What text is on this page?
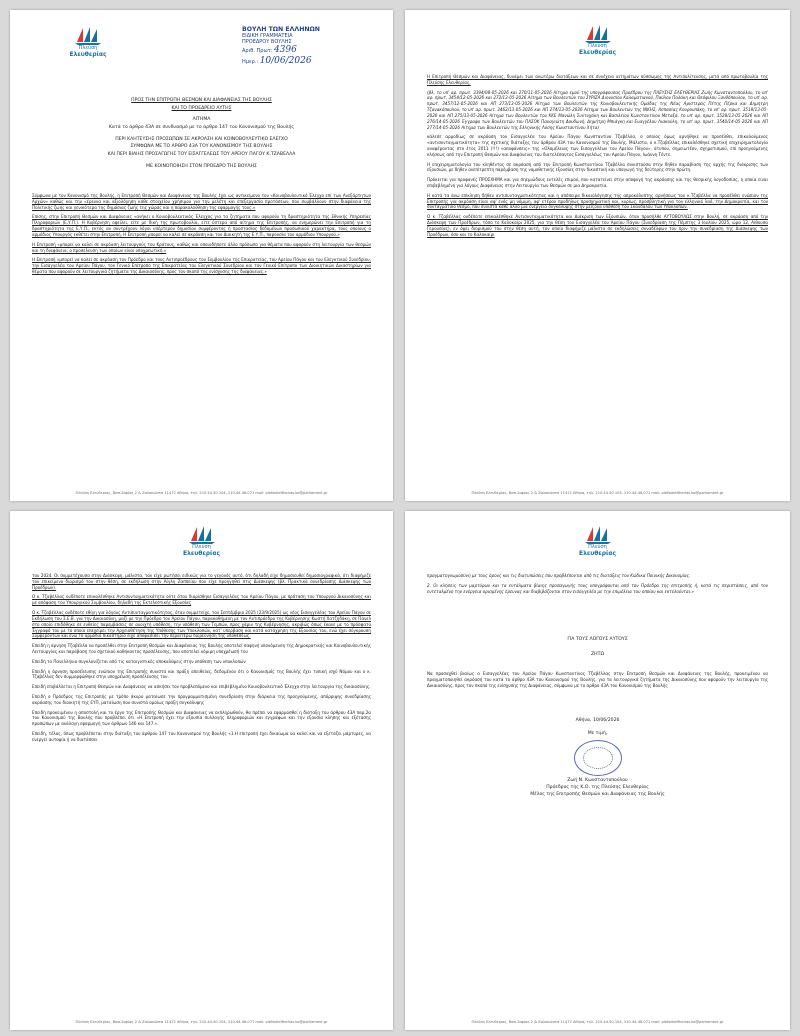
Πλεύση
Ελευθερίας
ΒΟΥΛΗ ΤΩΝ ΕΛΛΗΝΩΝ
ΕΙΔΙΚΗ ΓΡΑΜΜΑΤΕΙΑ
ΠΡΟΕΔΡΟΥ ΒΟΥΛΗΣ
Αριθ. Πρωτ: 4396
Ημερ.: 10/06/2026
ΠΡΟΣ ΤΗΝ ΕΠΙΤΡΟΠΗ ΘΕΣΜΩΝ ΚΑΙ ΔΙΑΦΑΝΕΙΑΣ ΤΗΣ ΒΟΥΛΗΣ
ΚΑΙ ΤΟ ΠΡΟΕΔΡΕΙΟ ΑΥΤΗΣ
ΑΙΤΗΜΑ
Κατά το άρθρο 43Α σε συνδυασμό με το άρθρο 147 του Κανονισμού της Βουλής
ΠΕΡΙ ΚΛΗΤΕΥΣΗΣ ΠΡΟΣΩΠΩΝ ΣΕ ΑΚΡΟΑΣΗ ΚΑΙ ΚΟΙΝΟΒΟΥΛΕΥΤΙΚΟ ΕΛΕΓΧΟ
ΣΥΜΦΩΝΑ ΜΕ ΤΟ ΑΡΘΡΟ 43Α ΤΟΥ ΚΑΝΟΝΙΣΜΟΥ ΤΗΣ ΒΟΥΛΗΣ
ΚΑΙ ΠΕΡΙ ΒΙΑΙΗΣ ΠΡΟΣΑΓΩΓΗΣ ΤΟΥ ΕΙΣΑΓΓΕΛΕΩΣ ΤΟΥ ΑΡΕΙΟΥ ΠΑΓΟΥ Κ.ΤΖΑΒΕΛΛΑ
ΜΕ ΚΟΙΝΟΠΟΙΗΣΗ ΣΤΟΝ ΠΡΟΕΔΡΟ ΤΗΣ ΒΟΥΛΗΣ

Σύμφωνα με τον Κανονισμό της Βουλής, η Επιτροπή Θεσμών και Διαφάνειας της Βουλής έχει ως αντικείμενο τον «Κοινοβουλευτικό Έλεγχο επί των Ανεξάρτητων Αρχών» καθώς και την «έρευνα και αξιολόγηση κάθε στοιχείου χρήσιμου για την μελέτη και επεξεργασία προτάσεων, που συμβάλλουν στην διαφάνεια της Πολιτικής ζωής και γενικότερα της δημόσιας ζωής της χώρας και η παρακολούθηση της εφαρμογής τους.»

Επίσης, στην Επιτροπή Θεσμών και Διαφάνειας «ανήκει ο Κοινοβουλευτικός Έλεγχος για τα ζητήματα που αφορούν τη δραστηριότητα της Εθνικής Υπηρεσίας Πληροφοριών (Ε.Υ.Π.). Η Κυβέρνηση οφείλει, είτε με δική της πρωτοβουλία, είτε ύστερα από αίτημα της Επιτροπής, να ενημερώνει την Επιτροπή για τη δραστηριότητα της Ε.Υ.Π., εκτός αν συντρέχουν λόγοι υπέρτερου δημοσίου συμφέροντος ή προστασίας δεδομένων προσωπικού χαρακτήρα, τους οποίους ο αρμόδιος Υπουργός εκθέτει στην Επιτροπή. Η Επιτροπή μπορεί να καλεί σε ακρόαση και τον Διοικητή της Ε.Υ.Π., παρουσία του αρμόδιου Υπουργού.»

Η Επιτροπή «μπορεί να καλεί σε ακρόαση λειτουργούς του Κράτους, καθώς και οποιοδήποτε άλλο πρόσωπο για θέματα που αφορούν στη λειτουργία των θεσμών και τη διαφάνεια, ο προσελευση των οποίων είναι υποχρεωτική.»

Η Επιτροπή «μπορεί να καλεί σε ακρόαση τον Πρόεδρο και τους Αντιπροέδρους του Συμβουλίου της Επικρατείας, του Αρείου Πάγου και του Ελεγκτικού Συνεδρίου, την Εισαγγελέα του Αρείου Πάγου, τον Γενικό Επίτροπο της Επικρατείας του Ελεγκτικού Συνεδρίου και τον Γενικό Επίτροπο των Διοικητικών Δικαστηρίων για θέματα που αφορούν σε λειτουργικά ζητήματα της Δικαιοσύνης, προς τον σκοπό της ενίσχυσης της διαφάνειας.»

Πλεύση Ελευθερίας, Βασ.Σοφίας 2 & Ζαλοκώστα 11472 Αθήνα, τηλ. 210.44.50.104, 210.44.46.071 mail: plefsieleftherias.ko@parliament.gr
Πλεύση
Ελευθερίας

Η Επιτροπή Θεσμών και Διαφάνειας, δυνάμει των ανωτέρω διατάξεων και σε συνέχεια αιτημάτων σύσσωμης της Αντιπολίτευσης, μετά από πρωτοβουλία της Πλεύσης Ελευθερίας,

(βλ. το υπ' αρ. πρωτ. 3394/08-05-2026 και 270/11-05-2026 Αίτημα εμού της υπογράφουσας Προέδρου της ΠΛΕΥΣΗΣ ΕΛΕΥΘΕΡΙΑΣ Ζωής Κωνσταντοπούλου, το υπ' αρ. πρωτ. 3454/12-05-2026 και 272/13-05-2026 Αίτημα των Βουλευτών του ΣΥΡΙΖΑ Διονυσίου Καλαματιανού, Παύλου Πολάκη και Θεόφιλου Ξανθόπουλου, το υπ' αρ. πρωτ. 3457/12-05-2026 και ΑΠ 273/13-05-2026 Αίτημα των Βουλευτών της Κοινοβουλευτικής Ομάδας της Νέας Αριστεράς Πέτης Πέρκα και Δημήτρη Τζανακόπουλου, το υπ' αρ. πρωτ. 3462/13-05-2026 και ΑΠ 274/13-05-2026 Αίτημα των Βουλευτών της ΝΙΚΗΣ, Ασπασίας Κουρουπάκη, το υπ' αρ. πρωτ. 3518/13-05-2026 και ΑΠ 275/13-05-2026 Αίτημα των Βουλευτών του ΚΚΕ Μανώλη Συντυχάκη και Βασιλείου Κωνσταντίνου Μεταξά, το υπ' αρ. πρωτ. 3528/13-05-2026 και ΑΠ 276/14-05-2026 Έγγραφο των Βουλευτών του ΠΑΣΟΚ Παναγιώτη Δουδωνή, Δημήτρη Μπιάγκη και Ευαγγέλου Λιακούλη, το υπ' αρ. πρωτ. 3540/14-05-2026 και ΑΠ 277/14-05-2026 Αίτημα των Βουλευτών της Ελληνικής Λύσης Κωνσταντίνου Χήτα)

κάλεσε αρμοδίως σε ακρόαση τον Εισαγγελέα του Αρείου Πάγου Κωνσταντίνο Τζαβέλλα, ο οποίος όμως αρνήθηκε να προσέλθει, επικαλούμενος «αντισυνταγματικότητα» της σχετικής διάταξης του άρθρου 43Α του Κανονισμού της Βουλής. Μάλιστα, ο κ.Τζαβέλλας επικαλέσθηκε σχετική επιχειρηματολογία αναφέροντας στο έτος 2011 (!!!) «αποφάνσεις» της «Ολομέλειας των Εισαγγελέων του Αρείου Πάγου», άτυπου, σημειωτέον, σχηματισμού, επί προηγούμενης κλήσεως από την Επιτροπή Θεσμών και Διαφάνειας του διατελέσαντος Εισαγγελέως του Αρείου Πάγου, Ιωάννη Τέντε.

Η επιχειρηματολογία του κληθέντος σε ακρόαση από την Επιτροπή Κωνσταντίνου Τζαβέλλα συνιστούσα στην δήθεν παραβίαση της αρχής της διάκρισης των εξουσιών, με δήθεν ανεπίτρεπτη παρέμβαση της νομοθετικής εξουσίας στην δικαστική και υπαγωγή της δεύτερης στην πρώτη.

Πρόκειται για προφανές ΠΡΟΣΧΗΜΑ και για σηεμιώδους ευτελές επιμού, που κατατείνει στην αποφυγή της ακρόασης και της θεσμικής λογοδοσίας, η οποία είναι επιβεβλημένη για λόγους Διαφάνειας στην Λειτουργία των Θεσμών σε μια Δημοκρατία.

Η κατά τα άνω επίκληση δήθεν αντισυνταγματικότητας και η απόπειρα δικαιολόγησης της απροκάλυπτης αρνήσεως του κ.Τζαβέλλα να προσέλθει ενώπιον της Επιτροπής για ακρόαση είναι αφ' ενός μη νόμιμη, αφ' ετέρου προδήλως προσχηματική και, κυρίως, προσβλητική για τον ελληνικό λαό, την Δημοκρατία, και τον συνταγματικό θεσμό, που συνιστά κάθε άλλο μια ενέργεια συγκάλυψης στην μείζονα υπόθεση του Σκανδάλου των Υποκλοπών.

Ο κ. Τζαβέλλας ουδέποτε επικαλέσθηκε Αντισυνταγματικότητα και Διάκριση των Εξουσιών, όταν προσήλθε ΑΥΤΟΒΟΥΛΩΣ στην Βουλή, σε ακρόαση από την Διάσκεψη των Προέδρων, τόσο το Καλοκαίρι 2025, για την θέση του Εισαγγελέα του Αρείου Πάγου (Συνεδρίαση της Πέμπτης 3 Ιουλίου 2025, ώρα 12, Αίθουσα Γερουσίας), εν όψει διορισμού του στην θέση αυτή, τον οποίο διαφήμιζε μάλιστα σε εκδηλώσεις συναδέλφων του πριν την συνεδρίαση της Διάσκεψης των Προέδρων, όσο και το Καλοκαίρι

Πλεύση Ελευθερίας, Βασ.Σοφίας 2 & Ζαλοκώστα 11472 Αθήνα, τηλ. 210.44.50.104, 210.44.46.071 mail: plefsieleftherias.ko@parliament.gr
Πλεύση
Ελευθερίας

του 2024. Οι συμμετέχουσα στην Διάσκεψη, μάλιστα, τον είχε ρωτήσει ειδικώς για το γεγονός αυτό, ότι δηλαδή είχε δημοσιευθεί δημοσιογραφικά, ότι διαφήμιζε τον επικείμενο διορισμό του στην θέση, σε εκδήλωση στην Αίγλη Ζαππείου που είχε προηγηθεί στις Διάσκεψης (βλ. Πρακτικά συνεδρίασης Διάσκεψης των Προέδρων).

Ο κ. Τζαβέλλας ουδέποτε επικαλέσθηκε Αντισυνταγματικότητα ούτε όταν διορίσθηκε Εισαγγελέας του Αρείου Πάγου, με πρόταση του Υπουργού Δικαιοσύνης και με απόφαση του Υπουργικού Συμβουλίου, δηλαδή της Εκτελεστικής Εξουσίας

Ο κ. Τζαβέλλας ουδέποτε εθίγη για λόγους Αντισυνταγματικότητας, όταν συμμετείχε, τον Σεπτέμβριο 2025 (23/9/2025) ως νέος Εισαγγελέας του Αρείου Πάγου σε Εκδήλωση του Σ.Ε.Β. για την Δικαιοσύνη, μαζί με την Πρόεδρο του Αρείου Πάγου, παρακαθήμενη με τον Αντιπρόεδρο της Κυβέρνησης Κωστή Χατζηδάκη, σε Πάνελ στο οποίο επιδόθηκε σε ευθείες παρεμβάσεις σε ανοιχτή υπόθεση, την υπόθεση των Τεμπών, προς χάριν της Κυβέρνησης, ακριβώς όπως έκανε με το πρόσφατο Έγγραφό του με το οποίο επεχείρει την Αρχειοθέτηση της Υπόθεσης των Υποκλοπών, κατ' υπερβαση και κατά κατάχρηση της Εξουσίας του, ενώ έχει σύγκρουση Συμφερόντων και ενώ το αρμόδιο δικαστήριο είχε αποφασίσει την περαιτέρω διερεύνηση της υποθέσεως.

Επειδή η άρνηση Τζαβέλλα να προσέλθει στην Επιτροπή Θεσμών και Διαφάνειας της Βουλής αποτελεί σαφηνή υπονόμευση της Δημοκρατικής και Κοινοβουλευτικής Λειτουργίας και παράβαση του σχετικού καθήκοντος προσέλευσης, που αποτελεί νόμιμη υποχρέωσή του

Επειδή το Πανελλήνιο συγκλονίζεται από τις καταιγιστικές αποκαλύψεις στην υπόθεση των υποκλοπών

Επειδή η άρνηση προσέλευσης ενώπιον της Επιτροπής συνιστά και πράξη απειθείας, δεδομένου ότι ο Κανονισμός της Βουλής έχει τυπική ισχύ Νόμου και ο κ. Τζαβέλλας δεν συμμορφώθηκε στην υποχρέωση προσέλευσης του.

Επειδή επιβάλλεται η Επιτροπή Θεσμών και Διαφάνειας να ασκήσει τον προβλεπόμενο και επιβεβλημένο Κοινοβουλευτικό Έλεγχο στην λειτουργία της δικαιοσύνης.

Επειδή ο Πρόεδρος της Επιτροπής με τρόπο άκυρο ματαίωσε την προγραμματισμένη συνεδρίαση στην διάρκεια της προηγούμενης, απόρριψης συνεδρίασης ακρόασης του διοικητή της ΕΥΠ, ματαίωση που συνιστά ομοίως πράξη συγκάλυψης

Επειδή προκειμένου η αποστολή και το έργο της Επιτροπής Θεσμών και Διαφάνειας να εκπληρωθούν, θα πρέπει να εφαρμοσθεί η διάταξη του άρθρου 43Α παρ.2α του Κανονισμού της Βουλής που προβλέπει ότι «Η Επιτροπή έχει την εξουσία συλλογής πληροφοριών και εγγράφων και την εξουσία κλήσης και εξέτασης προσώπων με ανάλογη εφαρμογή των άρθρων 146 και 147.».

Επειδή, τέλος, όπως προβλέπεται στην διάταξη του άρθρου 147 του Κανονισμού της Βουλής «1.Η επιτροπή έχει δικαίωμα να καλεί και να εξετάζει μάρτυρες, να ενεργεί αυτοψία ή να διατάσσει

Πλεύση Ελευθερίας, Βασ.Σοφίας 2 & Ζαλοκώστα 11472 Αθήνα, τηλ. 210.44.50.104, 210.44.46.071 mail: plefsieleftherias.ko@parliament.gr
Πλεύση
Ελευθερίας

πραγματογνωμοσύνη με τους όρους και τις διατυπώσεις που προβλέπονται από τις διατάξεις του Κώδικα Ποινικής Δικονομίας.

2. Οι κλήσεις των μαρτύρων και τα εντάλματα βίαιης προσαγωγής τους υπογράφονται από τον Πρόεδρο της επιτροπής ή, κατά τις περιστάσεις, από τον εντεταλμένο την ενέργεια ορισμένης έρευνας και διαβιβάζονται στον εισαγγελέα με την επιμέλεια του οποίου και εκτελούνται.»

ΓΙΑ ΤΟΥΣ ΛΟΓΟΥΣ ΑΥΤΟΥΣ
ΖΗΤΩ

Να προσαχθεί βιαίως ο Εισαγγελέας του Αρείου Πάγου Κωνσταντίνος Τζαβέλλας στην Επιτροπή Θεσμών και Διαφάνειας της Βουλής, προκειμένου να πραγματοποιηθεί ακρόασή του κατά το άρθρο 43Α του Κανονισμού της Βουλής, για τα λειτουργικά ζητήματα της Δικαιοσύνης που αφορούν την λειτουργία της Δικαιοσύνης, προς τον σκοπό της ενίσχυσης της Διαφάνειας, σύμφωνα με το άρθρο 43Α του Κανονισμού της Βουλής

Αθήνα, 10/06/2026
Με τιμή,
Ζωή Ν. Κωνσταντοπούλου
Πρόεδρος της Κ.Ο. της Πλεύσης Ελευθερίας
Μέλος της Επιτροπής Θεσμών και Διαφάνειας της Βουλής
Πλεύση Ελευθερίας, Βασ.Σοφίας 2 & Ζαλοκώστα 11472 Αθήνα, τηλ. 210.44.50.104, 210.44.46.071 mail: plefsieleftherias.ko@parliament.gr
